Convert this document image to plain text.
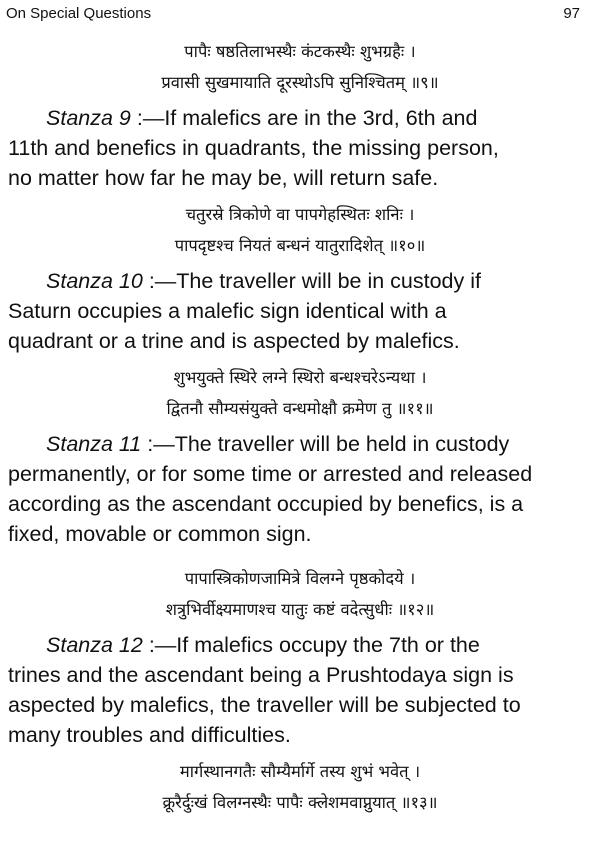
On Special Questions	97
पापैः षष्ठतिलाभस्थैः कंटकस्थैः शुभग्रहैः ।
प्रवासी सुखमायाति दूरस्थोऽपि सुनिश्चितम् ॥९॥
Stanza 9 :—If malefics are in the 3rd, 6th and
11th and benefics in quadrants, the missing person,
no matter how far he may be, will return safe.
चतुरस्रे त्रिकोणे वा पापगेहस्थितः शनिः ।
पापदृष्टश्च नियतं बन्धनं यातुरादिशेत् ॥१०॥
Stanza 10 :—The traveller will be in custody if
Saturn occupies a malefic sign identical with a
quadrant or a trine and is aspected by malefics.
शुभयुक्ते स्थिरे लग्ने स्थिरो बन्धश्चरेऽन्यथा ।
द्वितनौ सौम्यसंयुक्ते वन्धमोक्षौ क्रमेण तु ॥११॥
Stanza 11 :—The traveller will be held in custody
permanently, or for some time or arrested and released
according as the ascendant occupied by benefics, is a
fixed, movable or common sign.
पापास्त्रिकोणजामित्रे विलग्ने पृष्ठकोदये ।
शत्रुभिर्वीक्ष्यमाणश्च यातुः कष्टं वदेत्सुधीः ॥१२॥
Stanza 12 :—If malefics occupy the 7th or the
trines and the ascendant being a Prushtodaya sign is
aspected by malefics, the traveller will be subjected to
many troubles and difficulties.
मार्गस्थानगतैः सौम्यैर्मार्गे तस्य शुभं भवेत् ।
क्रूरैर्दुःखं विलग्नस्थैः पापैः क्लेशमवाप्नुयात् ॥१३॥
